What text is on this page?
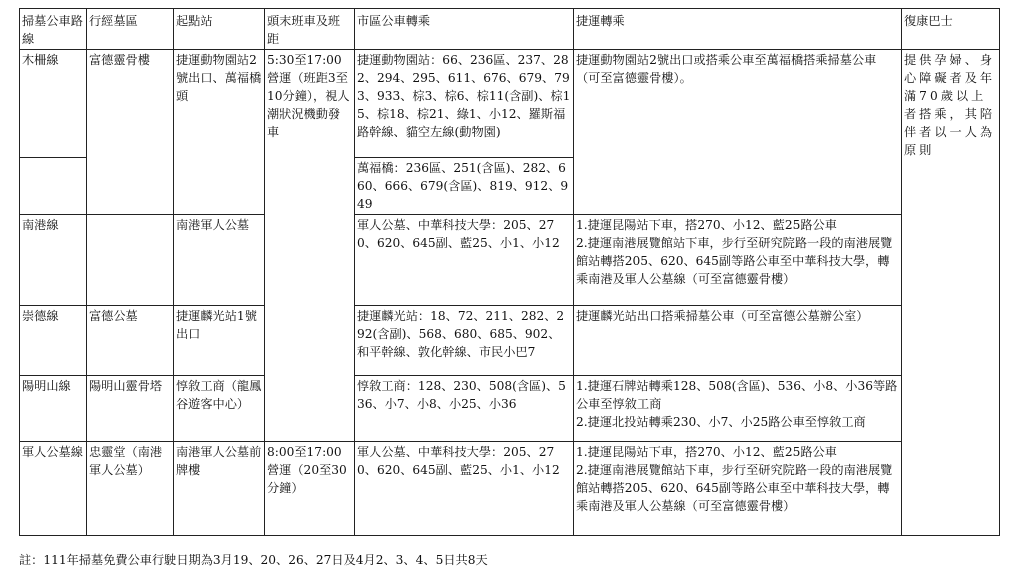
掃墓公車路線	行經墓區	起點站	頭末班車及班距	市區公車轉乘	捷運轉乘	復康巴士
木柵線	富德靈骨樓	捷運動物園站2號出口、萬福橋頭	5:30至17:00營運（班距3至10分鐘），視人潮狀況機動發車	捷運動物園站：66、236區、237、282、294、295、611、676、679、793、933、棕3、棕6、棕11(含副)、棕15、棕18、棕21、綠1、小12、羅斯福路幹線、貓空左線(動物園)	捷運動物園站2號出口或搭乘公車至萬福橋搭乘掃墓公車（可至富德靈骨樓）。	提供孕婦、身心障礙者及年滿70歲以上者搭乘，其陪伴者以一人為原則
				萬福橋：236區、251(含區)、282、660、666、679(含區)、819、912、949		
南港線		南港軍人公墓		軍人公墓、中華科技大學：205、270、620、645副、藍25、小1、小12	1.捷運昆陽站下車，搭270、小12、藍25路公車
2.捷運南港展覽館站下車，步行至研究院路一段的南港展覽館站轉搭205、620、645副等路公車至中華科技大學，轉乘南港及軍人公墓線（可至富德靈骨樓）	
崇德線	富德公墓	捷運麟光站1號出口		捷運麟光站：18、72、211、282、292(含副)、568、680、685、902、和平幹線、敦化幹線、市民小巴7	捷運麟光站出口搭乘掃墓公車（可至富德公墓辦公室）	
陽明山線	陽明山靈骨塔	惇敘工商（龍鳳谷遊客中心）		惇敘工商：128、230、508(含區)、536、小7、小8、小25、小36	1.捷運石牌站轉乘128、508(含區)、536、小8、小36等路公車至惇敘工商
2.捷運北投站轉乘230、小7、小25路公車至惇敘工商	

軍人公墓線	忠靈堂（南港軍人公墓）	南港軍人公墓前牌樓	8:00至17:00營運（20至30分鐘）	軍人公墓、中華科技大學：205、270、620、645副、藍25、小1、小12	1.捷運昆陽站下車，搭270、小12、藍25路公車
2.捷運南港展覽館站下車，步行至研究院路一段的南港展覽館站轉搭205、620、645副等路公車至中華科技大學，轉乘南港及軍人公墓線（可至富德靈骨樓）	
註：111年掃墓免費公車行駛日期為3月19、20、26、27日及4月2、3、4、5日共8天
